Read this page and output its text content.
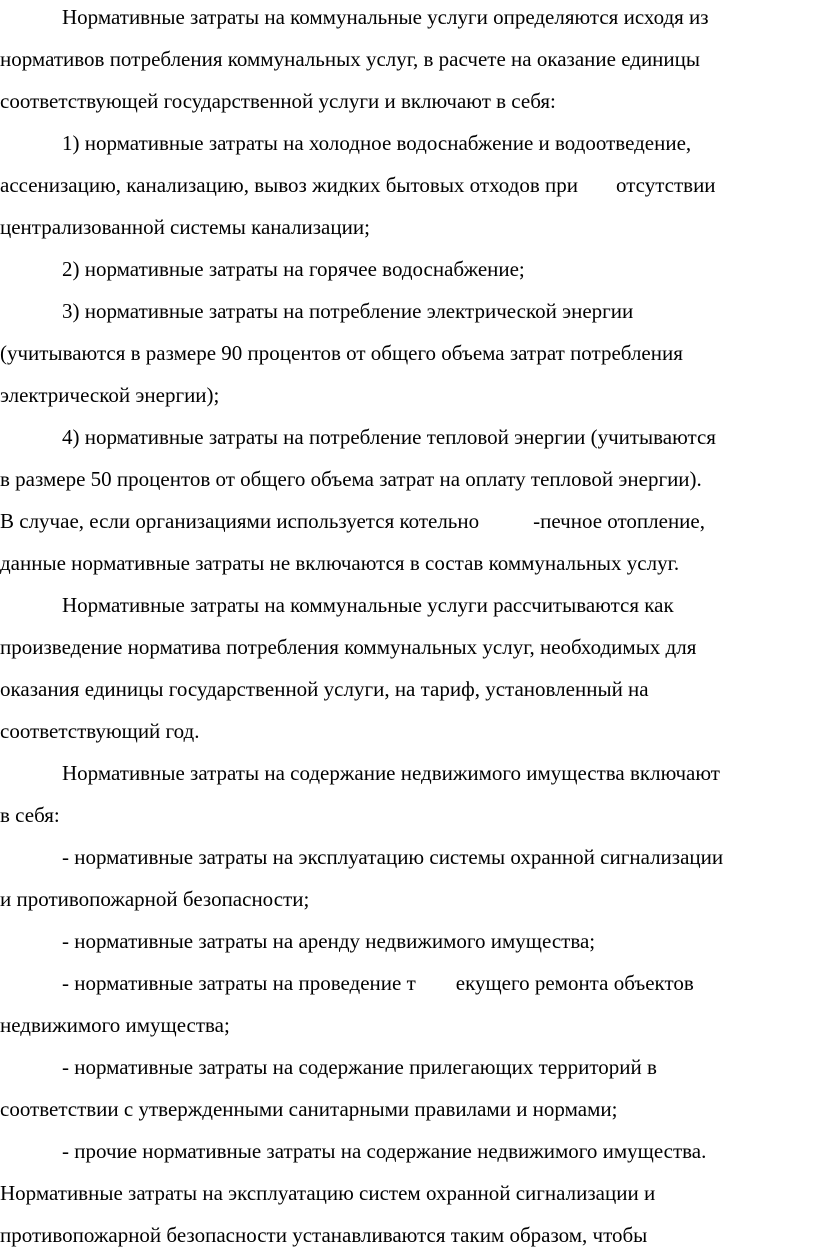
Нормативные затраты на коммунальные услуги определяются исходя из
нормативов потребления коммунальных услуг, в расчете на оказание единицы
соответствующей государственной услуги и включают в себя:
1) нормативные затраты на холодное водоснабжение и водоотведение,
ассенизацию, канализацию, вывоз жидких бытовых отходов при отсутствии
централизованной системы канализации;
2) нормативные затраты на горячее водоснабжение;
3) нормативные затраты на потребление электрической энергии
(учитываются в размере 90 процентов от общего объема затрат потребления
электрической энергии);
4) нормативные затраты на потребление тепловой энергии (учитываются
в размере 50 процентов от общего объема затрат на оплату тепловой энергии).
В случае, если организациями используется котельно	-печное отопление,
данные нормативные затраты не включаются в состав коммунальных услуг.
Нормативные затраты на коммунальные услуги рассчитываются как
произведение норматива потребления коммунальных услуг, необходимых для
оказания единицы государственной услуги, на тариф, установленный на
соответствующий год.
Нормативные затраты на содержание недвижимого имущества включают
в себя:
- нормативные затраты на эксплуатацию системы охранной сигнализации
и противопожарной безопасности;
- нормативные затраты на аренду недвижимого имущества;
- нормативные затраты на проведение т екущего ремонта объектов
недвижимого имущества;
- нормативные затраты на содержание прилегающих территорий в
соответствии с утвержденными санитарными правилами и нормами;
- прочие нормативные затраты на содержание недвижимого имущества.
Нормативные затраты на эксплуатацию систем охранной сигнализации и
противопожарной безопасности устанавливаются таким образом, чтобы
